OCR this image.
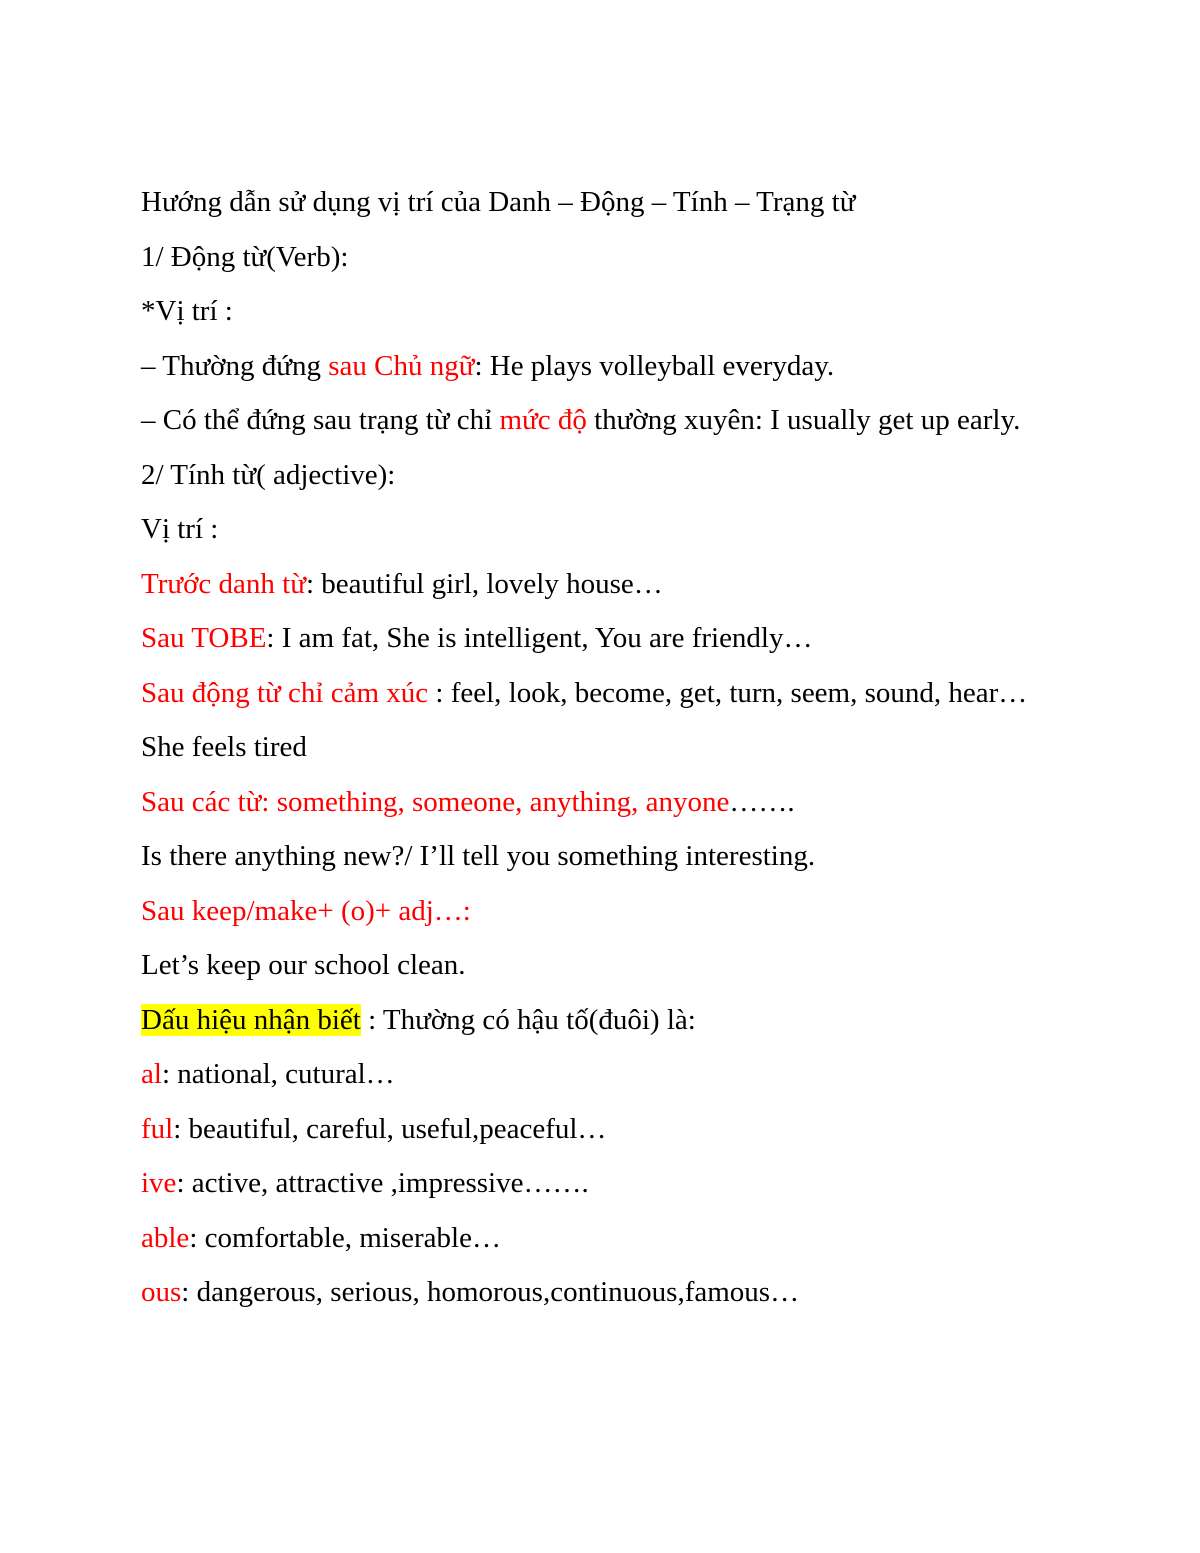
Hướng dẫn sử dụng vị trí của Danh – Động – Tính – Trạng từ

1/ Động từ(Verb):

*Vị trí :

– Thường đứng sau Chủ ngữ: He plays volleyball everyday.

– Có thể đứng sau trạng từ chỉ mức độ thường xuyên: I usually get up early.

2/ Tính từ( adjective):

Vị trí :

Trước danh từ: beautiful girl, lovely house…

Sau TOBE: I am fat, She is intelligent, You are friendly…

Sau động từ chỉ cảm xúc : feel, look, become, get, turn, seem, sound, hear…

She feels tired

Sau các từ: something, someone, anything, anyone…….

Is there anything new?/ I’ll tell you something interesting.

Sau keep/make+ (o)+ adj…:

Let’s keep our school clean.

Dấu hiệu nhận biết : Thường có hậu tố(đuôi) là:

al: national, cutural…

ful: beautiful, careful, useful,peaceful…

ive: active, attractive ,impressive…….

able: comfortable, miserable…

ous: dangerous, serious, homorous,continuous,famous…
